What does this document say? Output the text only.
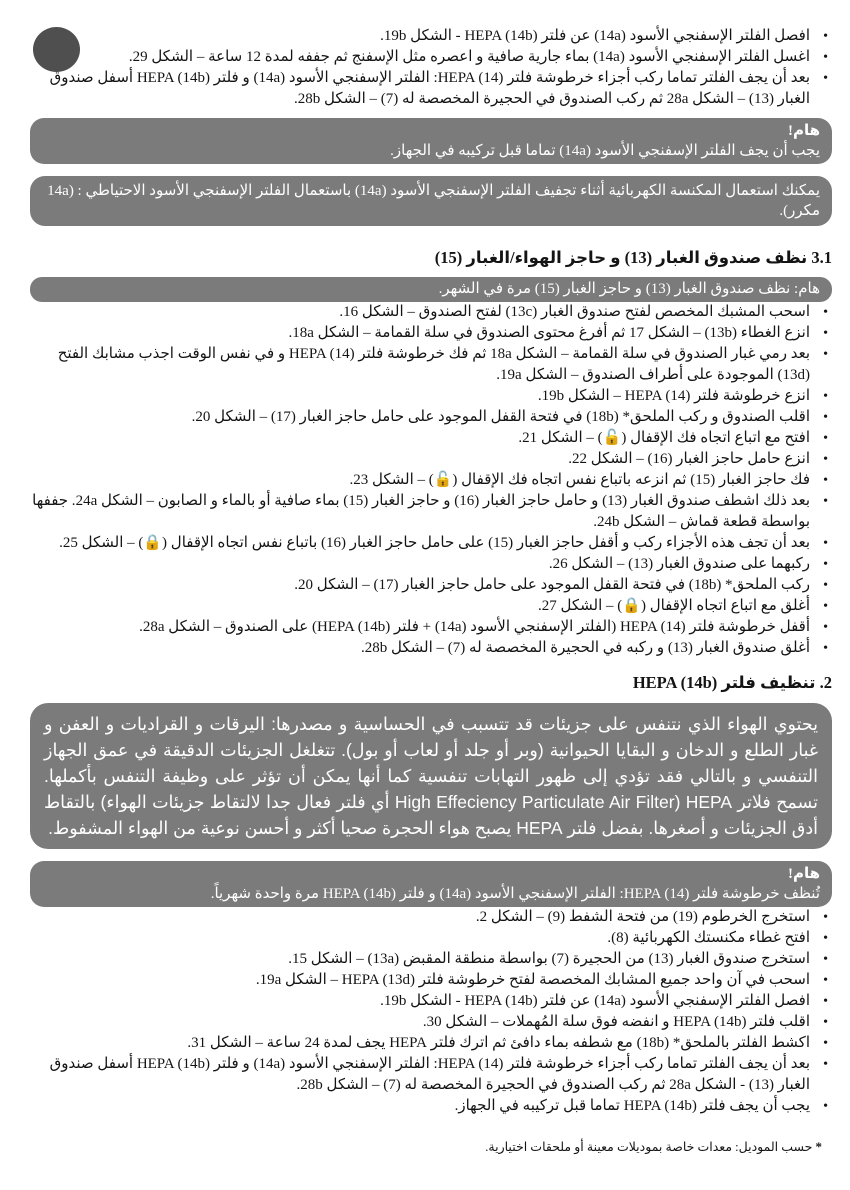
• افصل الفلتر الإسفنجي الأسود (14a) عن فلتر HEPA (14b) - الشكل 19b.
• اغسل الفلتر الإسفنجي الأسود (14a) بماء جارية صافية و اعصره مثل الإسفنج ثم جففه لمدة 12 ساعة – الشكل 29.
• بعد أن يجف الفلتر تماما ركب أجزاء خرطوشة فلتر HEPA (14): الفلتر الإسفنجي الأسود (14a) و فلتر HEPA (14b) أسفل صندوق الغبار (13) – الشكل 28a ثم ركب الصندوق في الحجيرة المخصصة له (7) – الشكل 28b.
هام!
يجب أن يجف الفلتر الإسفنجي الأسود (14a) تماما قبل تركيبه في الجهاز.
يمكنك استعمال المكنسة الكهربائية أثناء تجفيف الفلتر الإسفنجي الأسود (14a) باستعمال الفلتر الإسفنجي الأسود الاحتياطي : (14a مكرر).
3.1 نظف صندوق الغبار (13) و حاجز الهواء/الغبار (15)
هام: نظف صندوق الغبار (13) و حاجز الغبار (15) مرة في الشهر.
• اسحب المشبك المخصص لفتح صندوق الغبار (13c) لفتح الصندوق – الشكل 16.
• انزع الغطاء (13b) – الشكل 17 ثم أفرغ محتوى الصندوق في سلة القمامة – الشكل 18a.
• بعد رمي غبار الصندوق في سلة القمامة – الشكل 18a ثم فك خرطوشة فلتر HEPA (14) و في نفس الوقت اجذب مشابك الفتح (13d) الموجودة على أطراف الصندوق – الشكل 19a.
• انزع خرطوشة فلتر HEPA (14) – الشكل 19b.
• اقلب الصندوق و ركب الملحق* (18b) في فتحة القفل الموجود على حامل حاجز الغبار (17) – الشكل 20.
• افتح مع اتباع اتجاه فك الإقفال (🔓) – الشكل 21.
• انزع حامل حاجز الغبار (16) – الشكل 22.
• فك حاجز الغبار (15) ثم انزعه باتباع نفس اتجاه فك الإقفال (🔓) – الشكل 23.
• بعد ذلك اشطف صندوق الغبار (13) و حامل حاجز الغبار (16) و حاجز الغبار (15) بماء صافية أو بالماء و الصابون – الشكل 24a. جففها بواسطة قطعة قماش – الشكل 24b.
• بعد أن تجف هذه الأجزاء ركب و أقفل حاجز الغبار (15) على حامل حاجز الغبار (16) باتباع نفس اتجاه الإقفال (🔒) – الشكل 25.
• ركبهما على صندوق الغبار (13) – الشكل 26.
• ركب الملحق* (18b) في فتحة القفل الموجود على حامل حاجز الغبار (17) – الشكل 20.
• أغلق مع اتباع اتجاه الإقفال (🔒) – الشكل 27.
• أقفل خرطوشة فلتر HEPA (14) (الفلتر الإسفنجي الأسود (14a) + فلتر HEPA (14b)) على الصندوق – الشكل 28a.
• أغلق صندوق الغبار (13) و ركبه في الحجيرة المخصصة له (7) – الشكل 28b.
2. تنظيف فلتر HEPA (14b)
يحتوي الهواء الذي نتنفس على جزيئات قد تتسبب في الحساسية و مصدرها: اليرقات و القراديات و العفن و غبار الطلع و الدخان و البقايا الحيوانية (وبر أو جلد أو لعاب أو بول). تتغلغل الجزيئات الدقيقة في عمق الجهاز التنفسي و بالتالي فقد تؤدي إلى ظهور التهابات تنفسية كما أنها يمكن أن تؤثر على وظيفة التنفس بأكملها. تسمح فلاتر HEPA (High Effeciency Particulate Air Filter أي فلتر فعال جدا لالتقاط جزيئات الهواء) بالتقاط أدق الجزيئات و أصغرها. بفضل فلتر HEPA يصبح هواء الحجرة صحيا أكثر و أحسن نوعية من الهواء المشفوط.
هام!
تُنظف خرطوشة فلتر HEPA (14): الفلتر الإسفنجي الأسود (14a) و فلتر HEPA (14b) مرة واحدة شهرياً.
• استخرج الخرطوم (19) من فتحة الشفط (9) – الشكل 2.
• افتح غطاء مكنستك الكهربائية (8).
• استخرج صندوق الغبار (13) من الحجيرة (7) بواسطة منطقة المقبض (13a) – الشكل 15.
• اسحب في آن واحد جميع المشابك المخصصة لفتح خرطوشة فلتر HEPA (13d) – الشكل 19a.
• افصل الفلتر الإسفنجي الأسود (14a) عن فلتر HEPA (14b) - الشكل 19b.
• اقلب فلتر HEPA (14b) و انفضه فوق سلة المُهملات – الشكل 30.
• اكشط الفلتر بالملحق* (18b) مع شطفه بماء دافئ ثم اترك فلتر HEPA يجف لمدة 24 ساعة – الشكل 31.
• بعد أن يجف الفلتر تماما ركب أجزاء خرطوشة فلتر HEPA (14): الفلتر الإسفنجي الأسود (14a) و فلتر HEPA (14b) أسفل صندوق الغبار (13) - الشكل 28a ثم ركب الصندوق في الحجيرة المخصصة له (7) – الشكل 28b.
• يجب أن يجف فلتر HEPA (14b) تماما قبل تركيبه في الجهاز.
* حسب الموديل: معدات خاصة بموديلات معينة أو ملحقات اختيارية.
